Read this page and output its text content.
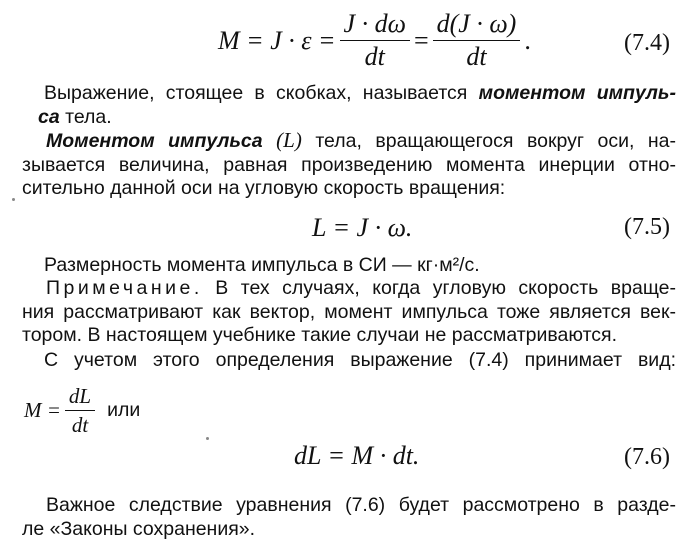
$M = J \cdot \varepsilon = \frac{J \cdot d\omega}{dt} = \frac{d(J \cdot \omega)}{dt}$ .	(7.4)
Выражение, стоящее в скобках, называется моментом импуль-
са тела.
Моментом импульса (L) тела, вращающегося вокруг оси, на-
зывается величина, равная произведению момента инерции отно-
сительно данной оси на угловую скорость вращения:
L = J · ω.	(7.5)
Размерность момента импульса в СИ — кг·м²/с.
Примечание. В тех случаях, когда угловую скорость враще-
ния рассматривают как вектор, момент импульса тоже является век-
тором. В настоящем учебнике такие случаи не рассматриваются.
С учетом этого определения выражение (7.4) принимает вид:
$M = \frac{dL}{dt}$ или
dL = M · dt.	(7.6)
Важное следствие уравнения (7.6) будет рассмотрено в разде-
ле «Законы сохранения».
